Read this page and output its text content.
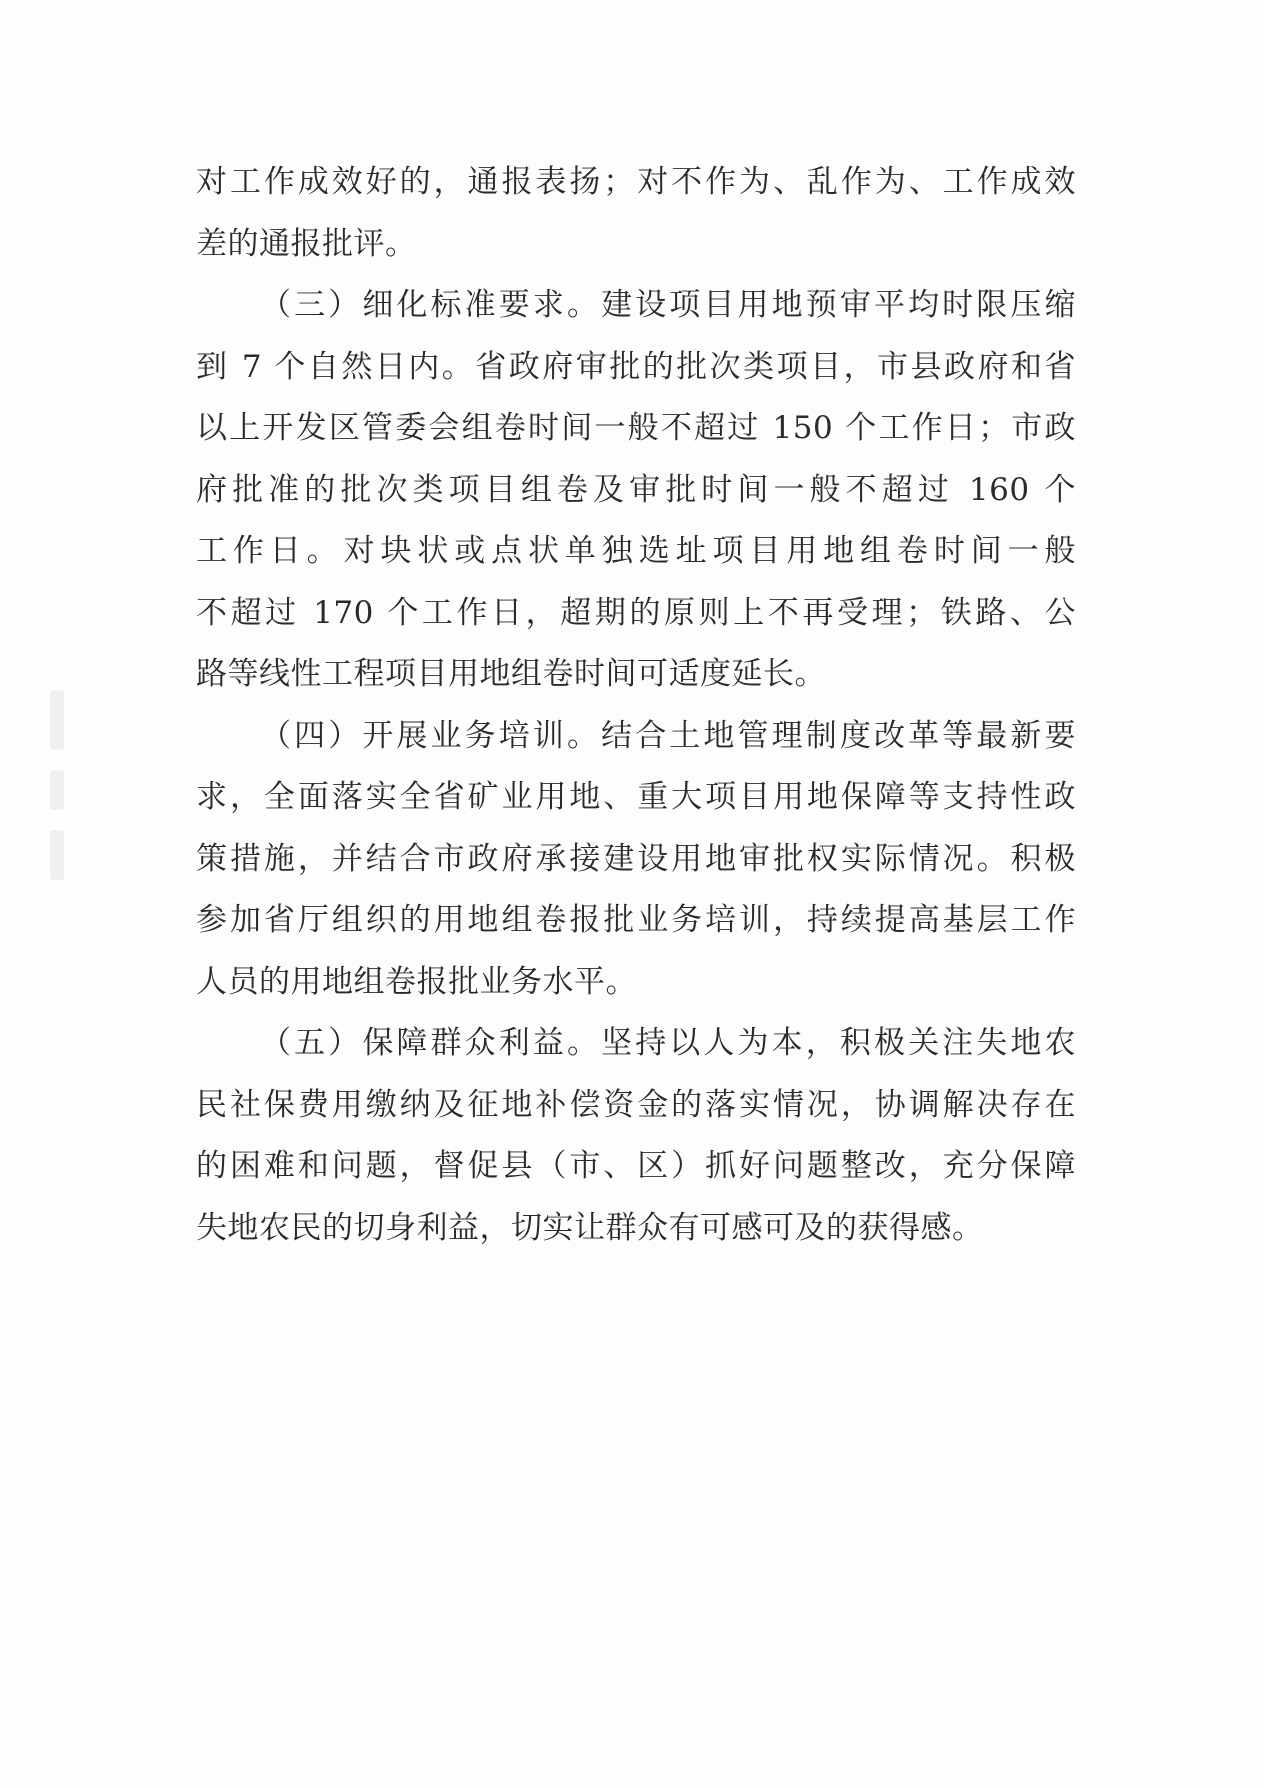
对工作成效好的，通报表扬；对不作为、乱作为、工作成效
差的通报批评。
（三）细化标准要求。建设项目用地预审平均时限压缩
到 7 个自然日内。省政府审批的批次类项目，市县政府和省
以上开发区管委会组卷时间一般不超过 150 个工作日；市政
府批准的批次类项目组卷及审批时间一般不超过 160 个
工作日。对块状或点状单独选址项目用地组卷时间一般
不超过 170 个工作日，超期的原则上不再受理；铁路、公
路等线性工程项目用地组卷时间可适度延长。
（四）开展业务培训。结合土地管理制度改革等最新要
求，全面落实全省矿业用地、重大项目用地保障等支持性政
策措施，并结合市政府承接建设用地审批权实际情况。积极
参加省厅组织的用地组卷报批业务培训，持续提高基层工作
人员的用地组卷报批业务水平。
（五）保障群众利益。坚持以人为本，积极关注失地农
民社保费用缴纳及征地补偿资金的落实情况，协调解决存在
的困难和问题，督促县（市、区）抓好问题整改，充分保障
失地农民的切身利益，切实让群众有可感可及的获得感。
